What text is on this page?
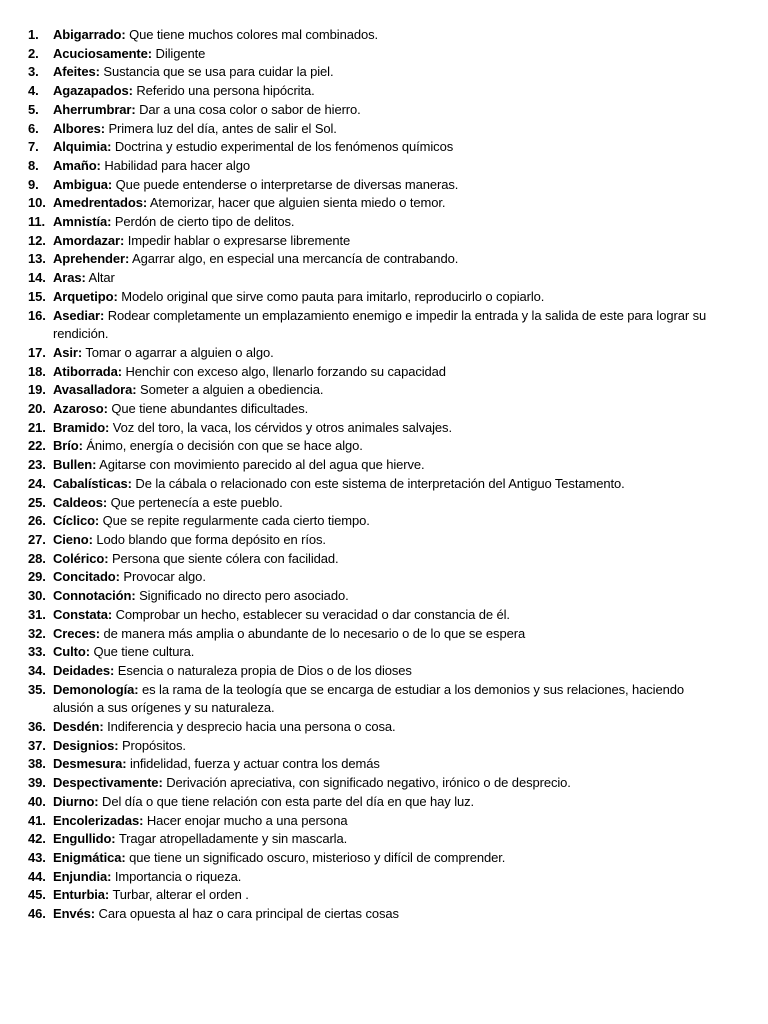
1.	Abigarrado: Que tiene muchos colores mal combinados.
2.	Acuciosamente: Diligente
3.	Afeites: Sustancia que se usa para cuidar la piel.
4.	Agazapados: Referido una persona hipócrita.
5.	Aherrumbrar: Dar a una cosa color o sabor de hierro.
6.	Albores: Primera luz del día, antes de salir el Sol.
7.	Alquimia: Doctrina y estudio experimental de los fenómenos químicos
8.	Amaño: Habilidad para hacer algo
9.	Ambigua: Que puede entenderse o interpretarse de diversas maneras.
10. Amedrentados: Atemorizar, hacer que alguien sienta miedo o temor.
11. Amnistía: Perdón de cierto tipo de delitos.
12. Amordazar: Impedir hablar o expresarse libremente
13. Aprehender: Agarrar algo, en especial una mercancía de contrabando.
14. Aras: Altar
15. Arquetipo: Modelo original que sirve como pauta para imitarlo, reproducirlo o copiarlo.
16. Asediar: Rodear completamente un emplazamiento enemigo e impedir la entrada y la salida de este para lograr su rendición.
17. Asir: Tomar o agarrar a alguien o algo.
18. Atiborrada: Henchir con exceso algo, llenarlo forzando su capacidad
19. Avasalladora: Someter a alguien a obediencia.
20. Azaroso: Que tiene abundantes dificultades.
21. Bramido: Voz del toro, la vaca, los cérvidos y otros animales salvajes.
22. Brío: Ánimo, energía o decisión con que se hace algo.
23. Bullen: Agitarse con movimiento parecido al del agua que hierve.
24. Cabalísticas: De la cábala o relacionado con este sistema de interpretación del Antiguo Testamento.
25. Caldeos: Que pertenecía a este pueblo.
26. Cíclico: Que se repite regularmente cada cierto tiempo.
27. Cieno: Lodo blando que forma depósito en ríos.
28. Colérico: Persona que siente cólera con facilidad.
29. Concitado: Provocar algo.
30. Connotación: Significado no directo pero asociado.
31. Constata: Comprobar un hecho, establecer su veracidad o dar constancia de él.
32. Creces: de manera más amplia o abundante de lo necesario o de lo que se espera
33. Culto: Que tiene cultura.
34. Deidades: Esencia o naturaleza propia de Dios o de los dioses
35. Demonología: es la rama de la teología que se encarga de estudiar a los demonios y sus relaciones, haciendo alusión a sus orígenes y su naturaleza.
36. Desdén: Indiferencia y desprecio hacia una persona o cosa.
37. Designios: Propósitos.
38. Desmesura: infidelidad, fuerza y actuar contra los demás
39. Despectivamente: Derivación apreciativa, con significado negativo, irónico o de desprecio.
40. Diurno: Del día o que tiene relación con esta parte del día en que hay luz.
41. Encolerizadas: Hacer enojar mucho a una persona
42. Engullido: Tragar atropelladamente y sin mascarla.
43. Enigmática: que tiene un significado oscuro, misterioso y difícil de comprender.
44. Enjundia: Importancia o riqueza.
45. Enturbia: Turbar, alterar el orden .
46. Envés: Cara opuesta al haz o cara principal de ciertas cosas
